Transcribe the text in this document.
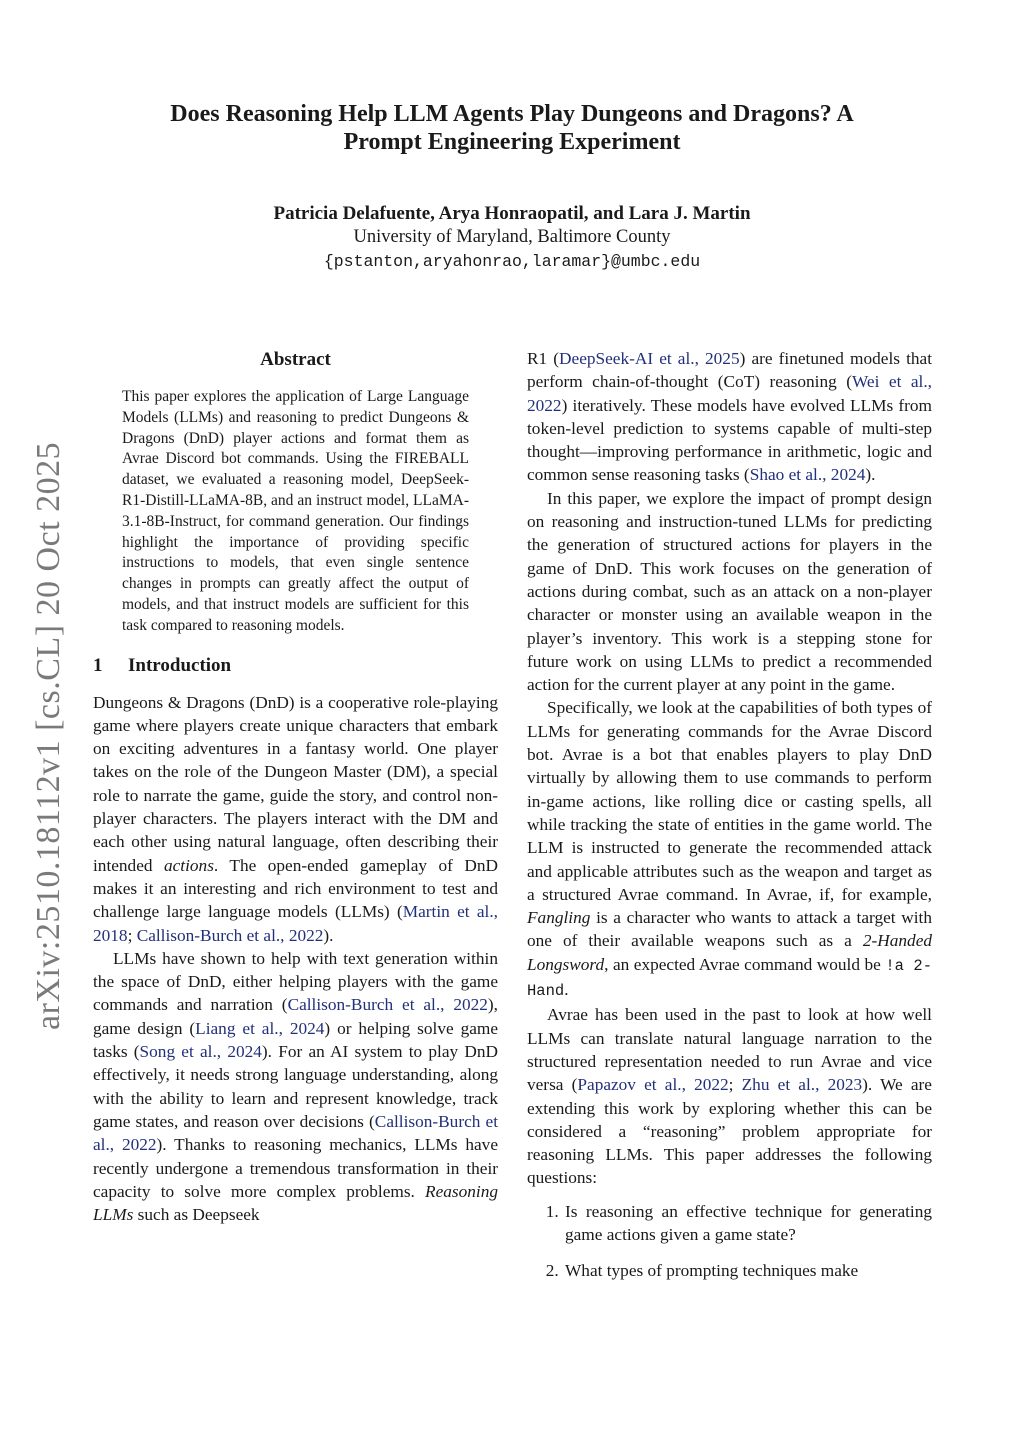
Does Reasoning Help LLM Agents Play Dungeons and Dragons? A
Prompt Engineering Experiment
Patricia Delafuente, Arya Honraopatil, and Lara J. Martin
University of Maryland, Baltimore County
{pstanton,aryahonrao,laramar}@umbc.edu
arXiv:2510.18112v1 [cs.CL] 20 Oct 2025
Abstract

This paper explores the application of Large Language Models (LLMs) and reasoning to predict Dungeons & Dragons (DnD) player actions and format them as Avrae Discord bot commands. Using the FIREBALL dataset, we evaluated a reasoning model, DeepSeek-R1-Distill-LLaMA-8B, and an instruct model, LLaMA-3.1-8B-Instruct, for command generation. Our findings highlight the importance of providing specific instructions to models, that even single sentence changes in prompts can greatly affect the output of models, and that instruct models are sufficient for this task compared to reasoning models.

1 Introduction

Dungeons & Dragons (DnD) is a cooperative role-playing game where players create unique characters that embark on exciting adventures in a fantasy world. One player takes on the role of the Dungeon Master (DM), a special role to narrate the game, guide the story, and control non-player characters. The players interact with the DM and each other using natural language, often describing their intended actions. The open-ended gameplay of DnD makes it an interesting and rich environment to test and challenge large language models (LLMs) (Martin et al., 2018; Callison-Burch et al., 2022).

LLMs have shown to help with text generation within the space of DnD, either helping players with the game commands and narration (Callison-Burch et al., 2022), game design (Liang et al., 2024) or helping solve game tasks (Song et al., 2024). For an AI system to play DnD effectively, it needs strong language understanding, along with the ability to learn and represent knowledge, track game states, and reason over decisions (Callison-Burch et al., 2022). Thanks to reasoning mechanics, LLMs have recently undergone a tremendous transformation in their capacity to solve more complex problems. Reasoning LLMs such as Deepseek

R1 (DeepSeek-AI et al., 2025) are finetuned models that perform chain-of-thought (CoT) reasoning (Wei et al., 2022) iteratively. These models have evolved LLMs from token-level prediction to systems capable of multi-step thought—improving performance in arithmetic, logic and common sense reasoning tasks (Shao et al., 2024).

In this paper, we explore the impact of prompt design on reasoning and instruction-tuned LLMs for predicting the generation of structured actions for players in the game of DnD. This work focuses on the generation of actions during combat, such as an attack on a non-player character or monster using an available weapon in the player’s inventory. This work is a stepping stone for future work on using LLMs to predict a recommended action for the current player at any point in the game.

Specifically, we look at the capabilities of both types of LLMs for generating commands for the Avrae Discord bot. Avrae is a bot that enables players to play DnD virtually by allowing them to use commands to perform in-game actions, like rolling dice or casting spells, all while tracking the state of entities in the game world. The LLM is instructed to generate the recommended attack and applicable attributes such as the weapon and target as a structured Avrae command. In Avrae, if, for example, Fangling is a character who wants to attack a target with one of their available weapons such as a 2-Handed Longsword, an expected Avrae command would be !a 2-Hand.

Avrae has been used in the past to look at how well LLMs can translate natural language narration to the structured representation needed to run Avrae and vice versa (Papazov et al., 2022; Zhu et al., 2023). We are extending this work by exploring whether this can be considered a “reasoning” problem appropriate for reasoning LLMs. This paper addresses the following questions:

1. Is reasoning an effective technique for generating game actions given a game state?
2. What types of prompting techniques make
